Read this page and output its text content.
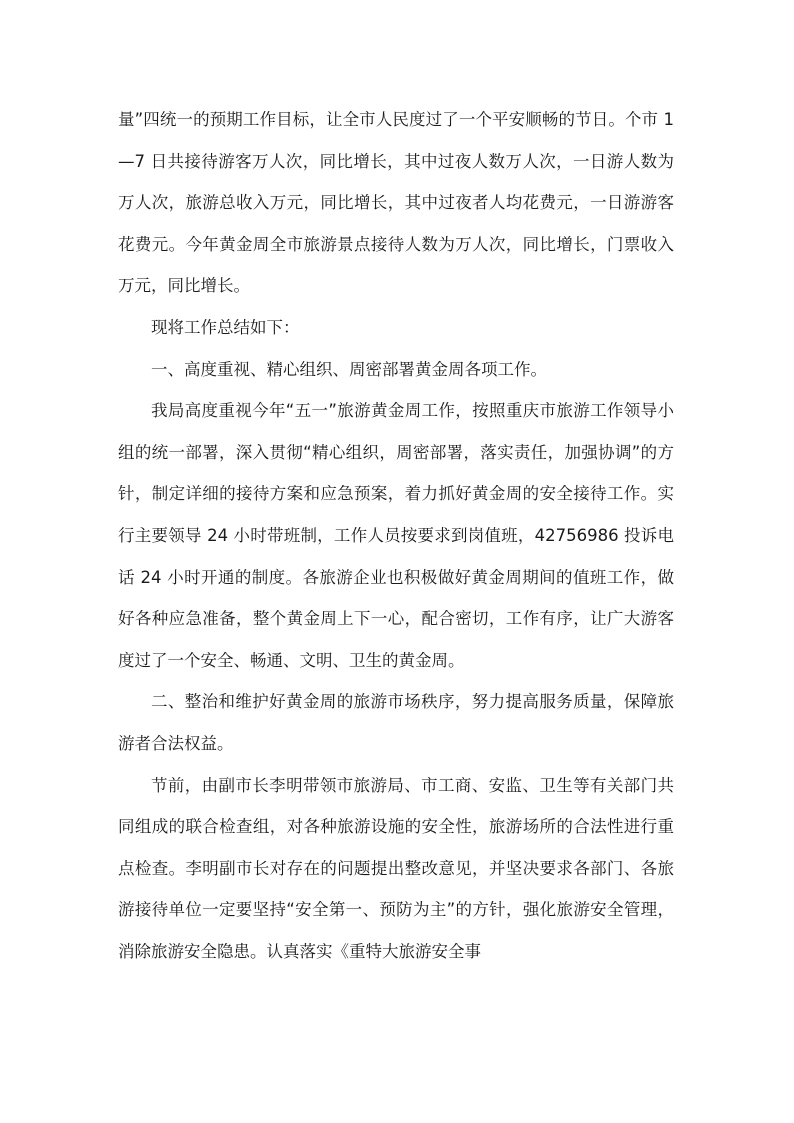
量”四统一的预期工作目标，让全市人民度过了一个平安顺畅的节日。个市 1—7 日共接待游客万人次，同比增长，其中过夜人数万人次，一日游人数为万人次，旅游总收入万元，同比增长，其中过夜者人均花费元，一日游游客花费元。今年黄金周全市旅游景点接待人数为万人次，同比增长，门票收入万元，同比增长。

现将工作总结如下：

一、高度重视、精心组织、周密部署黄金周各项工作。

我局高度重视今年“五一”旅游黄金周工作，按照重庆市旅游工作领导小组的统一部署，深入贯彻“精心组织，周密部署，落实责任，加强协调”的方针，制定详细的接待方案和应急预案，着力抓好黄金周的安全接待工作。实行主要领导 24 小时带班制，工作人员按要求到岗值班，42756986 投诉电话 24 小时开通的制度。各旅游企业也积极做好黄金周期间的值班工作，做好各种应急准备，整个黄金周上下一心，配合密切，工作有序，让广大游客度过了一个安全、畅通、文明、卫生的黄金周。

二、整治和维护好黄金周的旅游市场秩序，努力提高服务质量，保障旅游者合法权益。

节前，由副市长李明带领市旅游局、市工商、安监、卫生等有关部门共同组成的联合检查组，对各种旅游设施的安全性，旅游场所的合法性进行重点检查。李明副市长对存在的问题提出整改意见，并坚决要求各部门、各旅游接待单位一定要坚持“安全第一、预防为主”的方针，强化旅游安全管理，消除旅游安全隐患。认真落实《重特大旅游安全事
